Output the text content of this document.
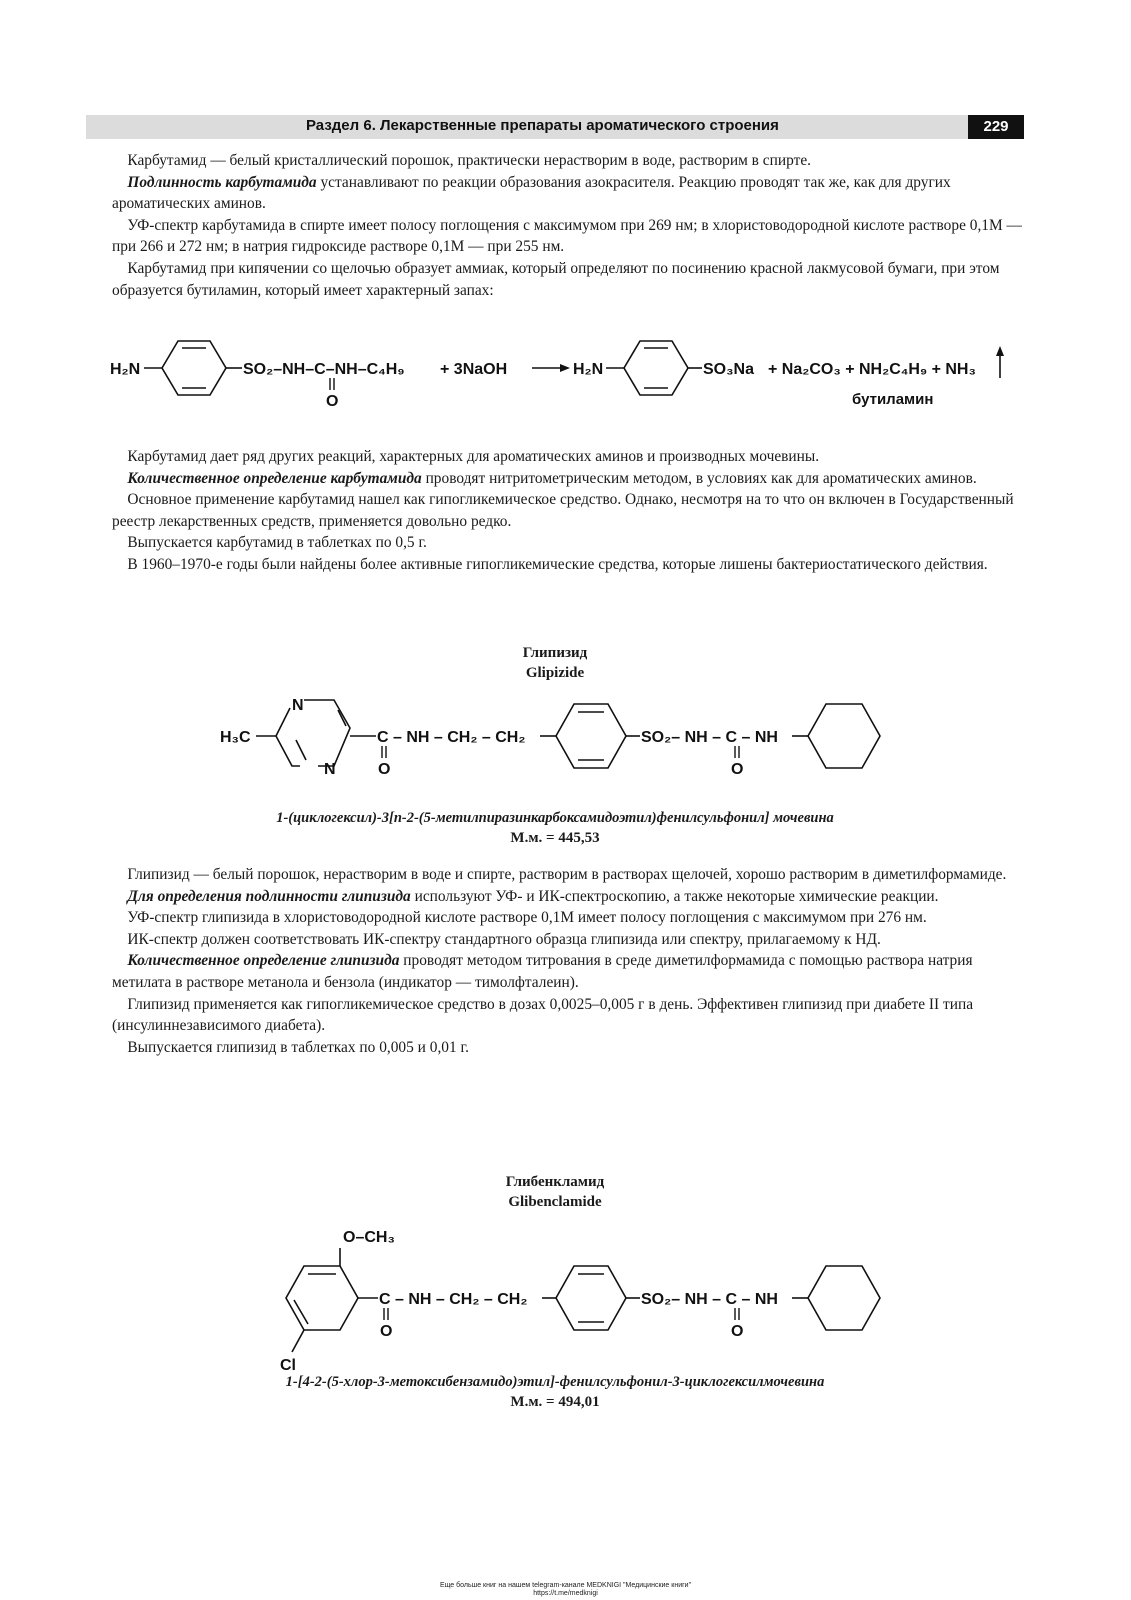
Раздел 6. Лекарственные препараты ароматического строения	229

Карбутамид — белый кристаллический порошок, практически нерастворим в воде, растворим в спирте.

Подлинность карбутамида устанавливают по реакции образования азокрасителя. Реакцию проводят так же, как для других ароматических аминов.

УФ-спектр карбутамида в спирте имеет полосу поглощения с максимумом при 269 нм; в хлористоводородной кислоте растворе 0,1М — при 266 и 272 нм; в натрия гидроксиде растворе 0,1М — при 255 нм.

Карбутамид при кипячении со щелочью образует аммиак, который определяют по посинению красной лакмусовой бумаги, при этом образуется бутиламин, который имеет характерный запах:

H₂N	SO₂–NH–C–NH–C₄H₉ + 3NaOH
O
H₂N	SO₃Na + Na₂CO₃ + NH₂C₄H₉ + NH₃
бутиламин

Карбутамид дает ряд других реакций, характерных для ароматических аминов и производных мочевины.

Количественное определение карбутамида проводят нитритометрическим методом, в условиях как для ароматических аминов.

Основное применение карбутамид нашел как гипогликемическое средство. Однако, несмотря на то что он включен в Государственный реестр лекарственных средств, применяется довольно редко.

Выпускается карбутамид в таблетках по 0,5 г.

В 1960–1970-е годы были найдены более активные гипогликемические средства, которые лишены бактериостатического действия.

Глипизид
Glipizide
H₃C
N
N
C – NH – CH₂ – CH₂
O
SO₂– NH – C – NH
O
1-(циклогексил)-3[п-2-(5-метилпиразинкарбоксамидоэтил)фенилсульфонил] мочевина
М.м. = 445,53

Глипизид — белый порошок, нерастворим в воде и спирте, растворим в растворах щелочей, хорошо растворим в диметилформамиде.

Для определения подлинности глипизида используют УФ- и ИК-спектроскопию, а также некоторые химические реакции.

УФ-спектр глипизида в хлористоводородной кислоте растворе 0,1М имеет полосу поглощения с максимумом при 276 нм.

ИК-спектр должен соответствовать ИК-спектру стандартного образца глипизида или спектру, прилагаемому к НД.

Количественное определение глипизида проводят методом титрования в среде диметилформамида с помощью раствора натрия метилата в растворе метанола и бензола (индикатор — тимолфталеин).

Глипизид применяется как гипогликемическое средство в дозах 0,0025–0,005 г в день. Эффективен глипизид при диабете II типа (инсулиннезависимого диабета).

Выпускается глипизид в таблетках по 0,005 и 0,01 г.

Глибенкламид
Glibenclamide
O–CH₃
Cl
C – NH – CH₂ – CH₂
O
SO₂– NH – C – NH
O
1-[4-2-(5-хлор-3-метоксибензамидо)этил]-фенилсульфонил-3-циклогексилмочевина
М.м. = 494,01
Еще больше книг на нашем telegram-канале MEDKNIGI "Медицинские книги"
https://t.me/medknigi
